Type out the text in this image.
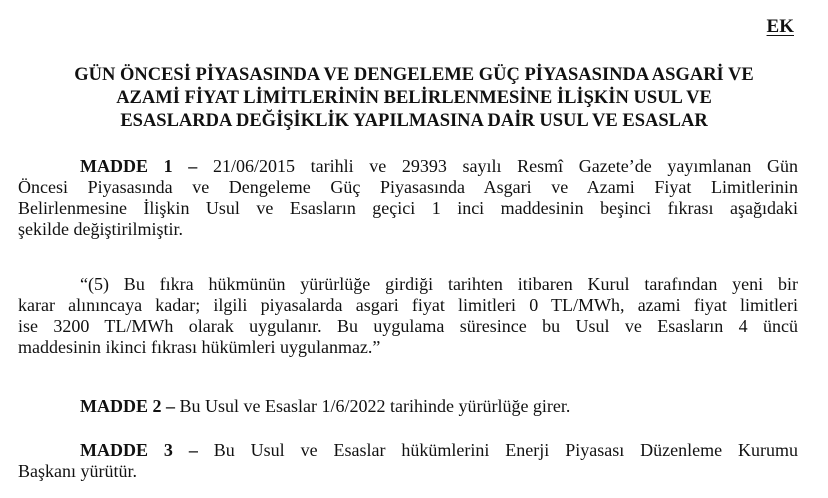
EK
GÜN ÖNCESİ PİYASASINDA VE DENGELEME GÜÇ PİYASASINDA ASGARİ VE
AZAMİ FİYAT LİMİTLERİNİN BELİRLENMESİNE İLİŞKİN USUL VE
ESASLARDA DEĞİŞİKLİK YAPILMASINA DAİR USUL VE ESASLAR
MADDE 1 – 21/06/2015 tarihli ve 29393 sayılı Resmî Gazete’de yayımlanan Gün
Öncesi Piyasasında ve Dengeleme Güç Piyasasında Asgari ve Azami Fiyat Limitlerinin
Belirlenmesine İlişkin Usul ve Esasların geçici 1 inci maddesinin beşinci fıkrası aşağıdaki
şekilde değiştirilmiştir.
“(5) Bu fıkra hükmünün yürürlüğe girdiği tarihten itibaren Kurul tarafından yeni bir
karar alınıncaya kadar; ilgili piyasalarda asgari fiyat limitleri 0 TL/MWh, azami fiyat limitleri
ise 3200 TL/MWh olarak uygulanır. Bu uygulama süresince bu Usul ve Esasların 4 üncü
maddesinin ikinci fıkrası hükümleri uygulanmaz.”
MADDE 2 – Bu Usul ve Esaslar 1/6/2022 tarihinde yürürlüğe girer.
MADDE 3 – Bu Usul ve Esaslar hükümlerini Enerji Piyasası Düzenleme Kurumu
Başkanı yürütür.
